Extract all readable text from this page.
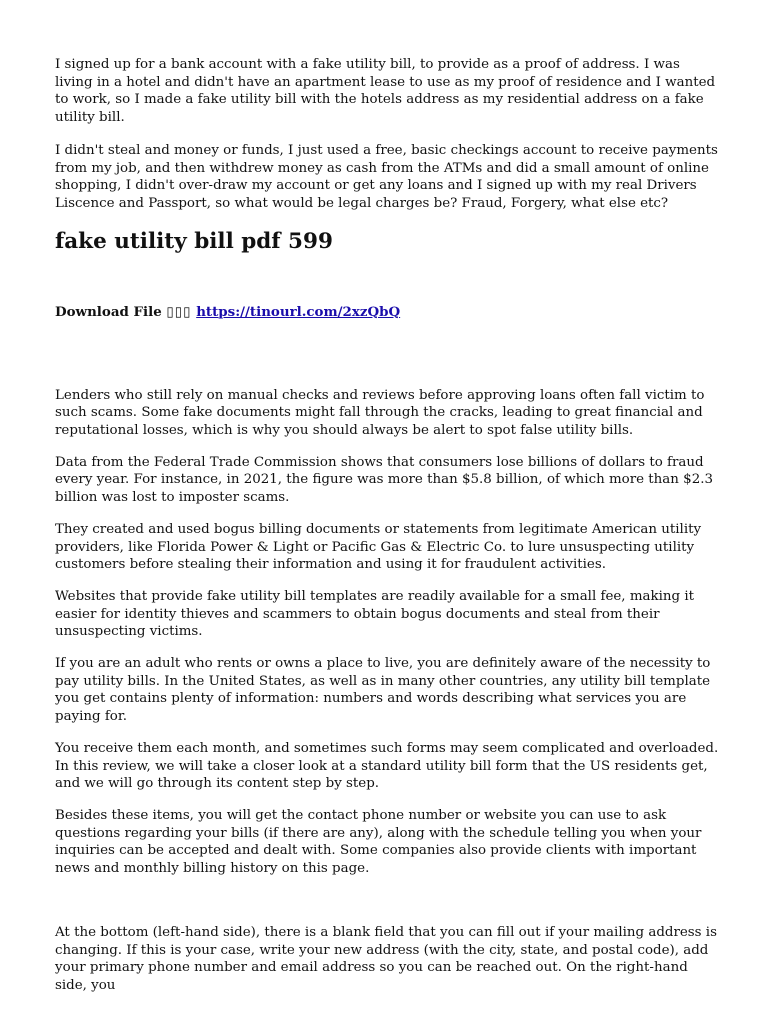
I signed up for a bank account with a fake utility bill, to provide as a proof of address. I was living in a hotel and didn't have an apartment lease to use as my proof of residence and I wanted to work, so I made a fake utility bill with the hotels address as my residential address on a fake utility bill.

I didn't steal and money or funds, I just used a free, basic checkings account to receive payments from my job, and then withdrew money as cash from the ATMs and did a small amount of online shopping, I didn't over-draw my account or get any loans and I signed up with my real Drivers Liscence and Passport, so what would be legal charges be? Fraud, Forgery, what else etc?

fake utility bill pdf 599
Download File ▯▯▯ https://tinourl.com/2xzQbQ

Lenders who still rely on manual checks and reviews before approving loans often fall victim to such scams. Some fake documents might fall through the cracks, leading to great financial and reputational losses, which is why you should always be alert to spot false utility bills.

Data from the Federal Trade Commission shows that consumers lose billions of dollars to fraud every year. For instance, in 2021, the figure was more than $5.8 billion, of which more than $2.3 billion was lost to imposter scams.

They created and used bogus billing documents or statements from legitimate American utility providers, like Florida Power & Light or Pacific Gas & Electric Co. to lure unsuspecting utility customers before stealing their information and using it for fraudulent activities.

Websites that provide fake utility bill templates are readily available for a small fee, making it easier for identity thieves and scammers to obtain bogus documents and steal from their unsuspecting victims.

If you are an adult who rents or owns a place to live, you are definitely aware of the necessity to pay utility bills. In the United States, as well as in many other countries, any utility bill template you get contains plenty of information: numbers and words describing what services you are paying for.

You receive them each month, and sometimes such forms may seem complicated and overloaded. In this review, we will take a closer look at a standard utility bill form that the US residents get, and we will go through its content step by step.

Besides these items, you will get the contact phone number or website you can use to ask questions regarding your bills (if there are any), along with the schedule telling you when your inquiries can be accepted and dealt with. Some companies also provide clients with important news and monthly billing history on this page.

At the bottom (left-hand side), there is a blank field that you can fill out if your mailing address is changing. If this is your case, write your new address (with the city, state, and postal code), add your primary phone number and email address so you can be reached out. On the right-hand side, you
